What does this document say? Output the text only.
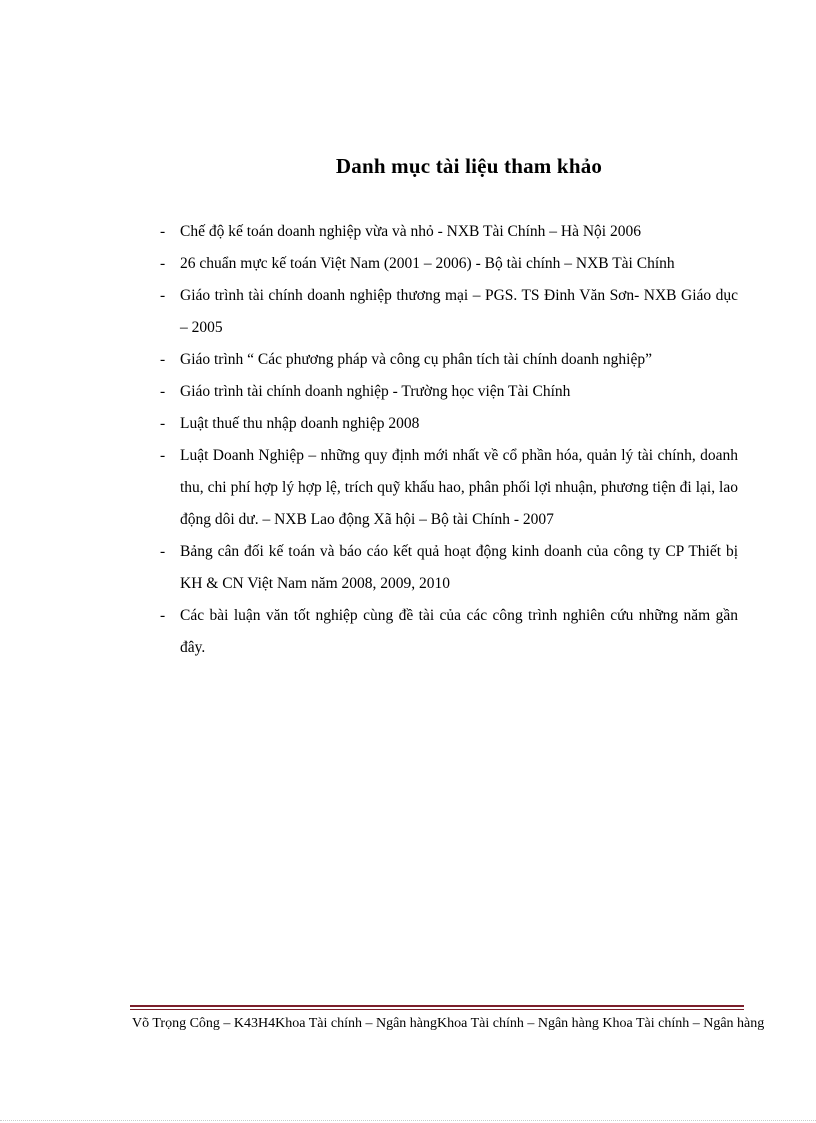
Danh mục tài liệu tham khảo
- Chế độ kế toán doanh nghiệp vừa và nhỏ - NXB Tài Chính – Hà Nội 2006
- 26 chuẩn mực kế toán Việt Nam (2001 – 2006) - Bộ tài chính – NXB Tài Chính
- Giáo trình tài chính doanh nghiệp thương mại – PGS. TS Đinh Văn Sơn- NXB Giáo dục – 2005
- Giáo trình “ Các phương pháp và công cụ phân tích tài chính doanh nghiệp”
- Giáo trình tài chính doanh nghiệp - Trường học viện Tài Chính
- Luật thuế thu nhập doanh nghiệp 2008
- Luật Doanh Nghiệp – những quy định mới nhất về cổ phần hóa, quản lý tài chính, doanh thu, chi phí hợp lý hợp lệ, trích quỹ khấu hao, phân phối lợi nhuận, phương tiện đi lại, lao động dôi dư. – NXB Lao động Xã hội – Bộ tài Chính - 2007
- Bảng cân đối kế toán và báo cáo kết quả hoạt động kinh doanh của công ty CP Thiết bị KH & CN Việt Nam năm 2008, 2009, 2010
- Các bài luận văn tốt nghiệp cùng đề tài của các công trình nghiên cứu những năm gần đây.
Võ Trọng Công – K43H4Khoa Tài chính – Ngân hàngKhoa Tài chính – Ngân hàng Khoa Tài chính – Ngân hàng
